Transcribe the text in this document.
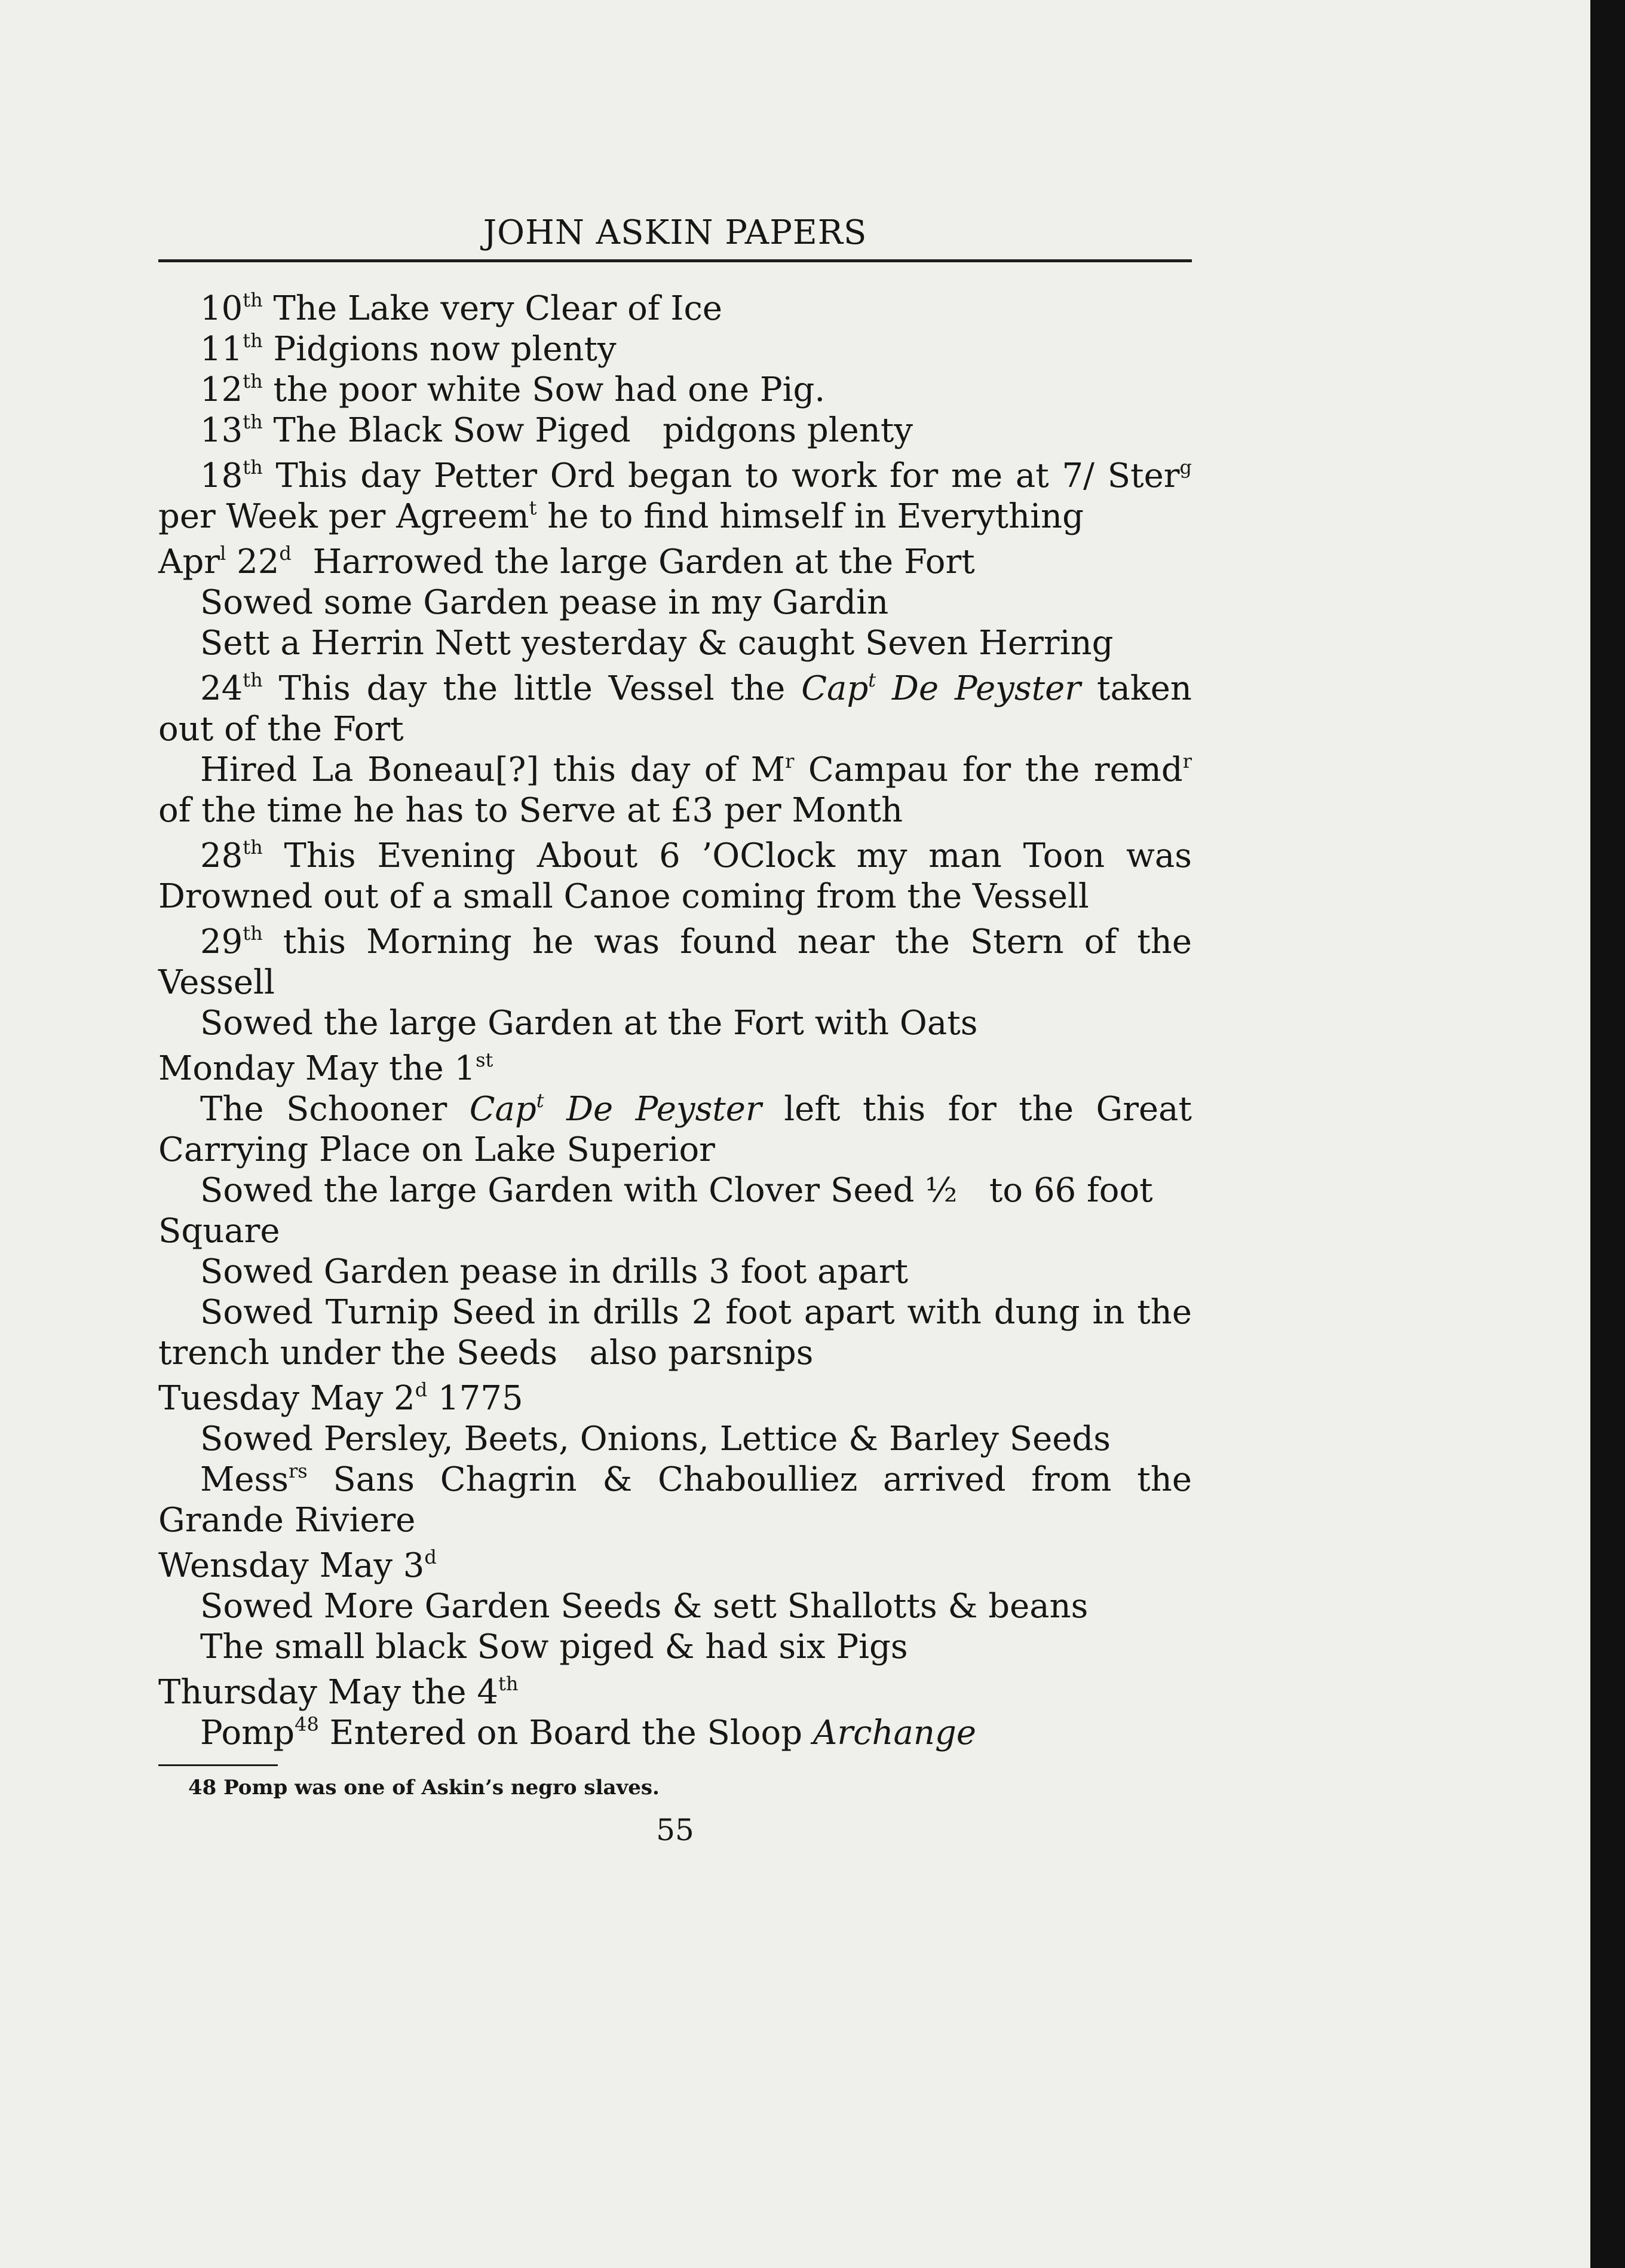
JOHN ASKIN PAPERS
10th The Lake very Clear of Ice
11th Pidgions now plenty
12th the poor white Sow had one Pig.
13th The Black Sow Piged   pidgons plenty
18th This day Petter Ord began to work for me at 7/ Ster$^g$ per Week per Agreem$^t$ he to find himself in Everything
Apr$^l$ 22$^d$  Harrowed the large Garden at the Fort
Sowed some Garden pease in my Gardin
Sett a Herrin Nett yesterday & caught Seven Herring
24th This day the little Vessel the Cap$^t$ De Peyster taken out of the Fort
Hired La Boneau[?] this day of $M^r$ Campau for the remd$^r$ of the time he has to Serve at £3 per Month
28th This Evening About 6 ’OClock my man Toon was Drowned out of a small Canoe coming from the Vessell
29th this Morning he was found near the Stern of the Vessell
Sowed the large Garden at the Fort with Oats
Monday May the 1st
The Schooner Cap$^t$ De Peyster left this for the Great Carrying Place on Lake Superior
Sowed the large Garden with Clover Seed ½   to 66 foot Square
Sowed Garden pease in drills 3 foot apart
Sowed Turnip Seed in drills 2 foot apart with dung in the trench under the Seeds   also parsnips
Tuesday May 2$^d$ 1775
Sowed Persley, Beets, Onions, Lettice & Barley Seeds
Mess$^{rs}$ Sans Chagrin & Chaboulliez arrived from the Grande Riviere
Wensday May 3$^d$
Sowed More Garden Seeds & sett Shallotts & beans
The small black Sow piged & had six Pigs
Thursday May the 4th
Pomp$^{48}$ Entered on Board the Sloop Archange
48 Pomp was one of Askin’s negro slaves.
55
